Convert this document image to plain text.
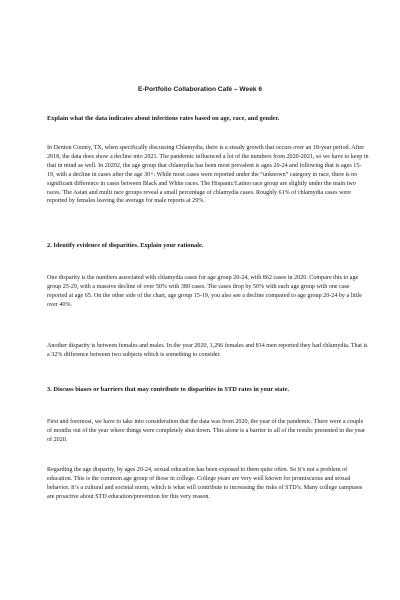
E-Portfolio Collaboration Café – Week 6

Explain what the data indicates about infections rates based on age, race, and gender.

In Denton County, TX, when specifically discussing Chlamydia, there is a steady growth that occurs over an 18-year period. After 2018, the data does show a decline into 2021. The pandemic influenced a lot of the numbers from 2020-2021, so we have to keep in that in mind as well. In 20202, the age group that chlamydia has been most prevalent is ages 20-24 and following that is ages 15-19, with a decline in cases after the age 30+. While most cases were reported under the “unknown” category in race, there is no significant difference in cases between Black and White races. The Hispanic/Latino race group are slightly under the main two races. The Asian and multi race groups reveal a small percentage of chlamydia cases. Roughly 61% of chlamydia cases were reported by females leaving the average for male reports at 29%.

2. Identify evidence of disparities. Explain your rationale.

One disparity is the numbers associated with chlamydia cases for age group 20-24, with 862 cases in 2020. Compare this to age group 25-29, with a massive decline of over 50% with 380 cases. The cases drop by 50% with each age group with one case reported at age 65. On the other side of the chart, age group 15-19, you also see a decline compared to age group 20-24 by a little over 40%.

Another disparity is between females and males. In the year 2020, 1,296 females and 814 men reported they had chlamydia. That is a 32% difference between two subjects which is something to consider.

3. Discuss biases or barriers that may contribute to disparities in STD rates in your state.

First and foremost, we have to take into consideration that the data was from 2020, the year of the pandemic. There were a couple of months out of the year where things were completely shut down. This alone is a barrier to all of the results presented in the year of 2020.

Regarding the age disparity, by ages 20-24, sexual education has been exposed to them quite often. So it’s not a problem of education. This is the common age group of those in college. College years are very well known for promiscuous and sexual behavior. It’s a cultural and societal norm, which is what will contribute to increasing the risks of STD’s. Many college campuses are proactive about STD education/prevention for this very reason.
